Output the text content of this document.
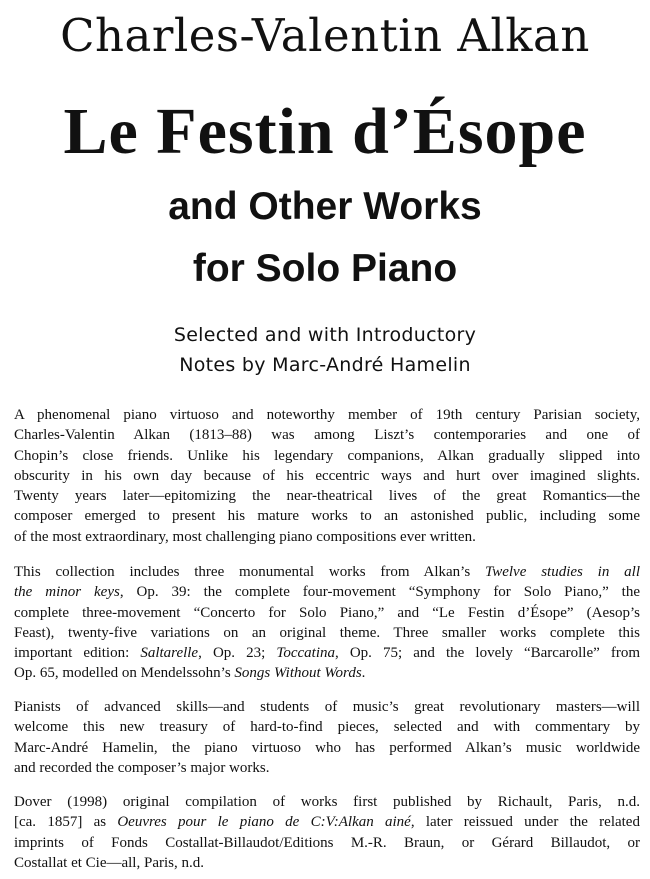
Charles-Valentin Alkan
Le Festin d’Ésope
and Other Works
for Solo Piano
Selected and with Introductory
Notes by Marc-André Hamelin
A phenomenal piano virtuoso and noteworthy member of 19th century Parisian society,
Charles-Valentin Alkan (1813–88) was among Liszt’s contemporaries and one of
Chopin’s close friends. Unlike his legendary companions, Alkan gradually slipped into
obscurity in his own day because of his eccentric ways and hurt over imagined slights.
Twenty years later—epitomizing the near-theatrical lives of the great Romantics—the
composer emerged to present his mature works to an astonished public, including some
of the most extraordinary, most challenging piano compositions ever written.
This collection includes three monumental works from Alkan’s Twelve studies in all
the minor keys, Op. 39: the complete four-movement “Symphony for Solo Piano,” the
complete three-movement “Concerto for Solo Piano,” and “Le Festin d’Ésope” (Aesop’s
Feast), twenty-five variations on an original theme. Three smaller works complete this
important edition: Saltarelle, Op. 23; Toccatina, Op. 75; and the lovely “Barcarolle” from
Op. 65, modelled on Mendelssohn’s Songs Without Words.
Pianists of advanced skills—and students of music’s great revolutionary masters—will
welcome this new treasury of hard-to-find pieces, selected and with commentary by
Marc-André Hamelin, the piano virtuoso who has performed Alkan’s music worldwide
and recorded the composer’s major works.
Dover (1998) original compilation of works first published by Richault, Paris, n.d.
[ca. 1857] as Oeuvres pour le piano de C:V:Alkan ainé, later reissued under the related
imprints of Fonds Costallat-Billaudot/Editions M.-R. Braun, or Gérard Billaudot, or
Costallat et Cie—all, Paris, n.d.
